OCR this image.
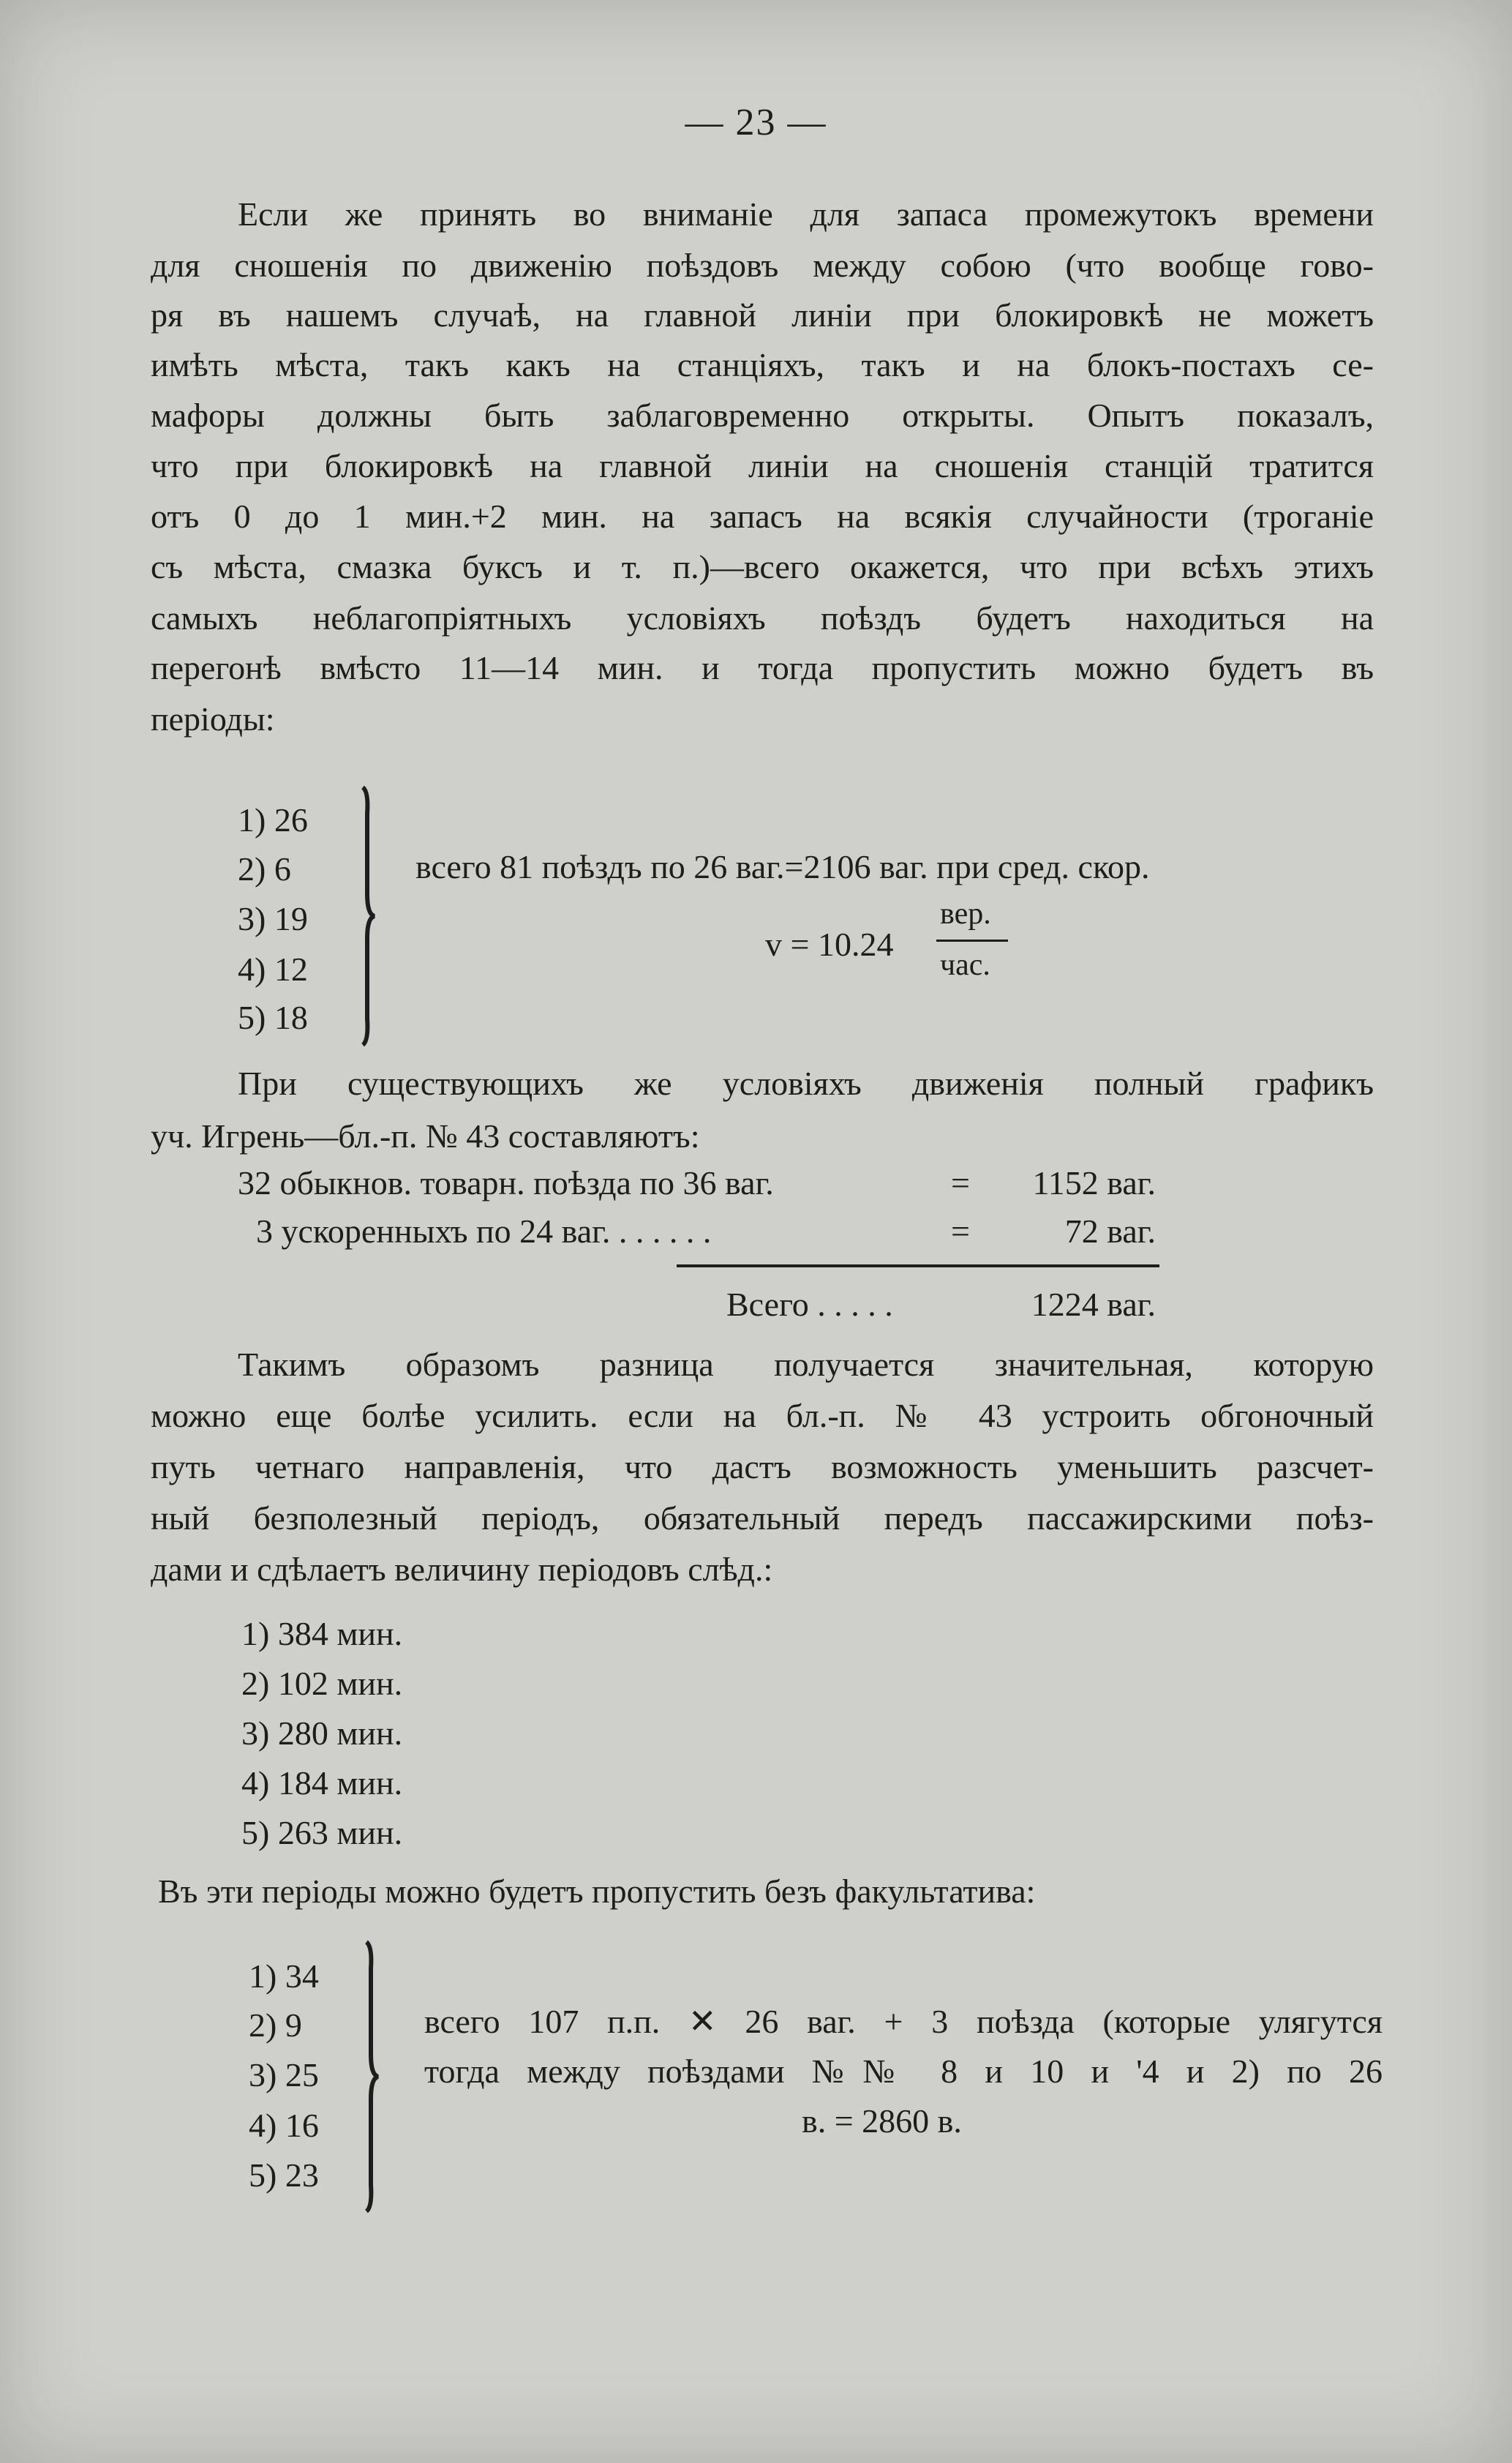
— 23 —
Если же принять во вниманіе для запаса промежутокъ времени
для сношенія по движенію поѣздовъ между собою (что вообще гово-
ря въ нашемъ случаѣ, на главной линіи при блокировкѣ не можетъ
имѣть мѣста, такъ какъ на станціяхъ, такъ и на блокъ-постахъ се-
мафоры должны быть заблаговременно открыты. Опытъ показалъ,
что при блокировкѣ на главной линіи на сношенія станцій тратится
отъ 0 до 1 мин.+2 мин. на запасъ на всякія случайности (троганіе
съ мѣста, смазка буксъ и т. п.)—всего окажется, что при всѣхъ этихъ
самыхъ неблагопріятныхъ условіяхъ поѣздъ будетъ находиться на
перегонѣ вмѣсто 11—14 мин. и тогда пропустить можно будетъ въ
періоды:
1) 26
2) 6
3) 19
4) 12
5) 18
всего 81 поѣздъ по 26 ваг.=2106 ваг. при сред. скор.
v = 10.24
вер.
час.
При существующихъ же условіяхъ движенія полный графикъ
уч. Игрень—бл.-п. № 43 составляютъ:
32 обыкнов. товарн. поѣзда по 36 ваг.	=	1152 ваг.
3 ускоренныхъ по 24 ваг. . . . . . .	=	72 ваг.
Всего . . . . .	1224 ваг.
Такимъ образомъ разница получается значительная, которую
можно еще болѣе усилить. если на бл.-п. № 43 устроить обгоночный
путь четнаго направленія, что дастъ возможность уменьшить разсчет-
ный безполезный періодъ, обязательный передъ пассажирскими поѣз-
дами и сдѣлаетъ величину періодовъ слѣд.:
1) 384 мин.
2) 102 мин.
3) 280 мин.
4) 184 мин.
5) 263 мин.
Въ эти періоды можно будетъ пропустить безъ факультатива:
1) 34
2) 9
3) 25
4) 16
5) 23
всего 107 п.п. ✕ 26 ваг. + 3 поѣзда (которые улягутся
тогда между поѣздами №№ 8 и 10 и '4 и 2) по 26
в. = 2860 в.
